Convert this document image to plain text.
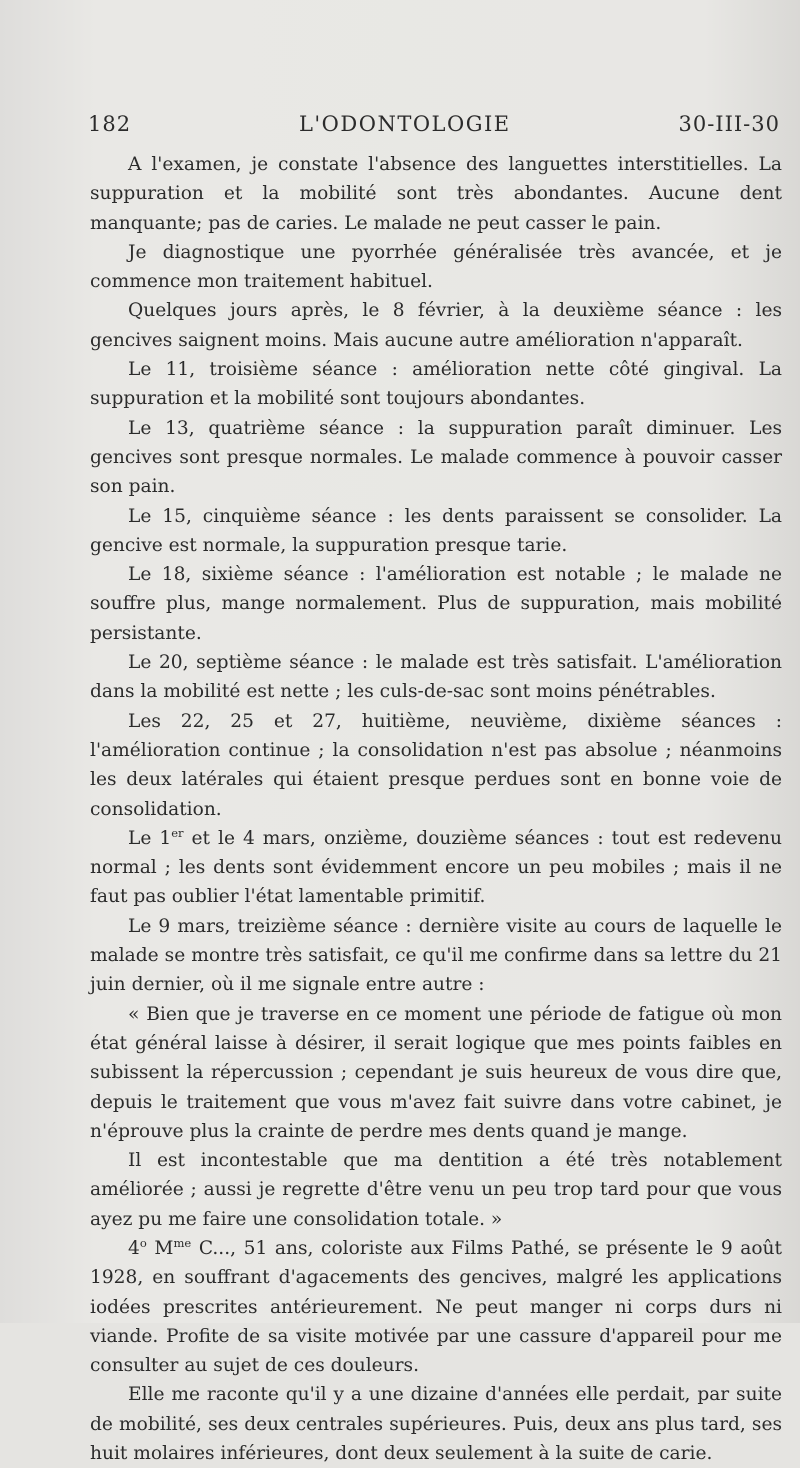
182	L'ODONTOLOGIE	30-III-30

A l'examen, je constate l'absence des languettes interstitielles. La suppuration et la mobilité sont très abondantes. Aucune dent manquante; pas de caries. Le malade ne peut casser le pain.

Je diagnostique une pyorrhée généralisée très avancée, et je commence mon traitement habituel.

Quelques jours après, le 8 février, à la deuxième séance : les gencives saignent moins. Mais aucune autre amélioration n'apparaît.

Le 11, troisième séance : amélioration nette côté gingival. La suppuration et la mobilité sont toujours abondantes.

Le 13, quatrième séance : la suppuration paraît diminuer. Les gencives sont presque normales. Le malade commence à pouvoir casser son pain.

Le 15, cinquième séance : les dents paraissent se consolider. La gencive est normale, la suppuration presque tarie.

Le 18, sixième séance : l'amélioration est notable ; le malade ne souffre plus, mange normalement. Plus de suppuration, mais mobilité persistante.

Le 20, septième séance : le malade est très satisfait. L'amélioration dans la mobilité est nette ; les culs-de-sac sont moins pénétrables.

Les 22, 25 et 27, huitième, neuvième, dixième séances : l'amélioration continue ; la consolidation n'est pas absolue ; néanmoins les deux latérales qui étaient presque perdues sont en bonne voie de consolidation.

Le 1er et le 4 mars, onzième, douzième séances : tout est redevenu normal ; les dents sont évidemment encore un peu mobiles ; mais il ne faut pas oublier l'état lamentable primitif.

Le 9 mars, treizième séance : dernière visite au cours de laquelle le malade se montre très satisfait, ce qu'il me confirme dans sa lettre du 21 juin dernier, où il me signale entre autre :

« Bien que je traverse en ce moment une période de fatigue où mon état général laisse à désirer, il serait logique que mes points faibles en subissent la répercussion ; cependant je suis heureux de vous dire que, depuis le traitement que vous m'avez fait suivre dans votre cabinet, je n'éprouve plus la crainte de perdre mes dents quand je mange.

Il est incontestable que ma dentition a été très notablement améliorée ; aussi je regrette d'être venu un peu trop tard pour que vous ayez pu me faire une consolidation totale. »

4$^o$ $M^{me}$ C..., 51 ans, coloriste aux Films Pathé, se présente le 9 août 1928, en souffrant d'agacements des gencives, malgré les applications iodées prescrites antérieurement. Ne peut manger ni corps durs ni viande. Profite de sa visite motivée par une cassure d'appareil pour me consulter au sujet de ces douleurs.

Elle me raconte qu'il y a une dizaine d'années elle perdait, par suite de mobilité, ses deux centrales supérieures. Puis, deux ans plus tard, ses huit molaires inférieures, dont deux seulement à la suite de carie.
